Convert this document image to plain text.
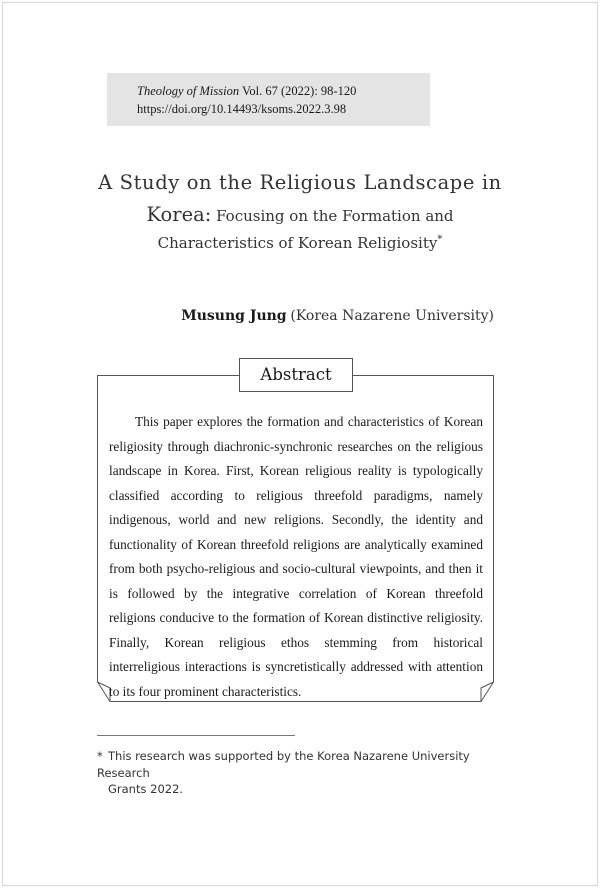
Theology of Mission Vol. 67 (2022): 98-120
https://doi.org/10.14493/ksoms.2022.3.98
A Study on the Religious Landscape in
Korea: Focusing on the Formation and
Characteristics of Korean Religiosity*
Musung Jung (Korea Nazarene University)
Abstract
This paper explores the formation and characteristics of Korean religiosity through diachronic-synchronic researches on the religious landscape in Korea. First, Korean religious reality is typologically classified according to religious threefold paradigms, namely indigenous, world and new religions. Secondly, the identity and functionality of Korean threefold religions are analytically examined from both psycho-religious and socio-cultural viewpoints, and then it is followed by the integrative correlation of Korean threefold religions conducive to the formation of Korean distinctive religiosity. Finally, Korean religious ethos stemming from historical interreligious interactions is syncretistically addressed with attention to its four prominent characteristics.
* This research was supported by the Korea Nazarene University Research
Grants 2022.
